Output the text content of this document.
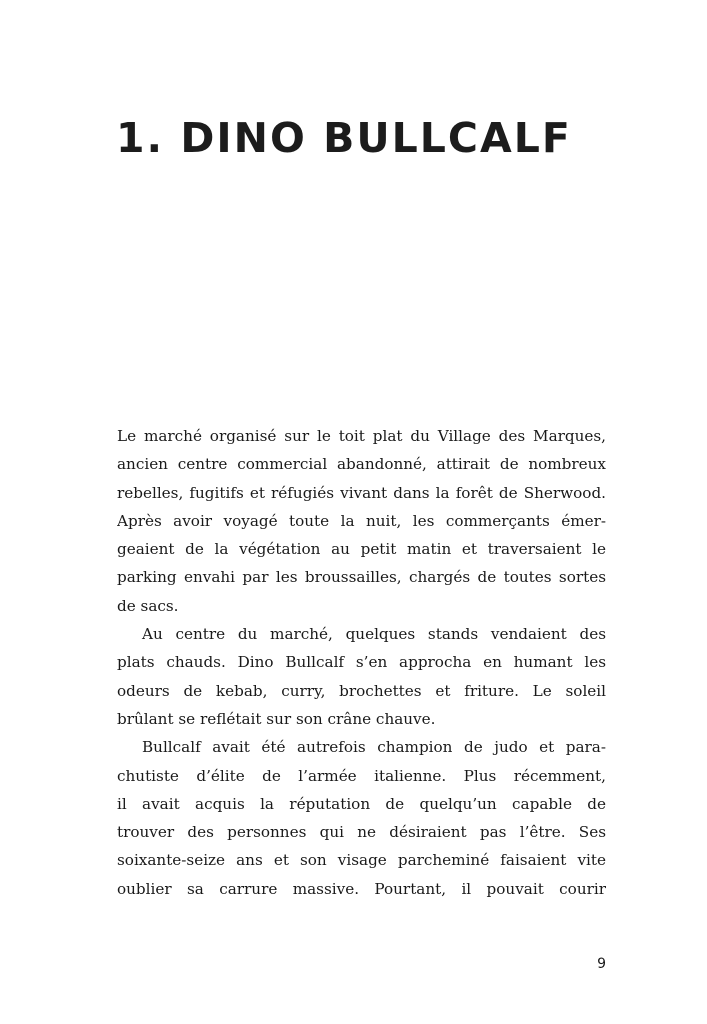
1. DINO BULLCALF

Le marché organisé sur le toit plat du Village des Marques,
ancien centre commercial abandonné, attirait de nombreux
rebelles, fugitifs et réfugiés vivant dans la forêt de Sherwood.
Après avoir voyagé toute la nuit, les commerçants émer-
geaient de la végétation au petit matin et traversaient le
parking envahi par les broussailles, chargés de toutes sortes
de sacs.

Au centre du marché, quelques stands vendaient des
plats chauds. Dino Bullcalf s’en approcha en humant les
odeurs de kebab, curry, brochettes et friture. Le soleil
brûlant se reflétait sur son crâne chauve.

Bullcalf avait été autrefois champion de judo et para-
chutiste d’élite de l’armée italienne. Plus récemment,
il avait acquis la réputation de quelqu’un capable de
trouver des personnes qui ne désiraient pas l’être. Ses
soixante-seize ans et son visage parcheminé faisaient vite
oublier sa carrure massive. Pourtant, il pouvait courir

9
